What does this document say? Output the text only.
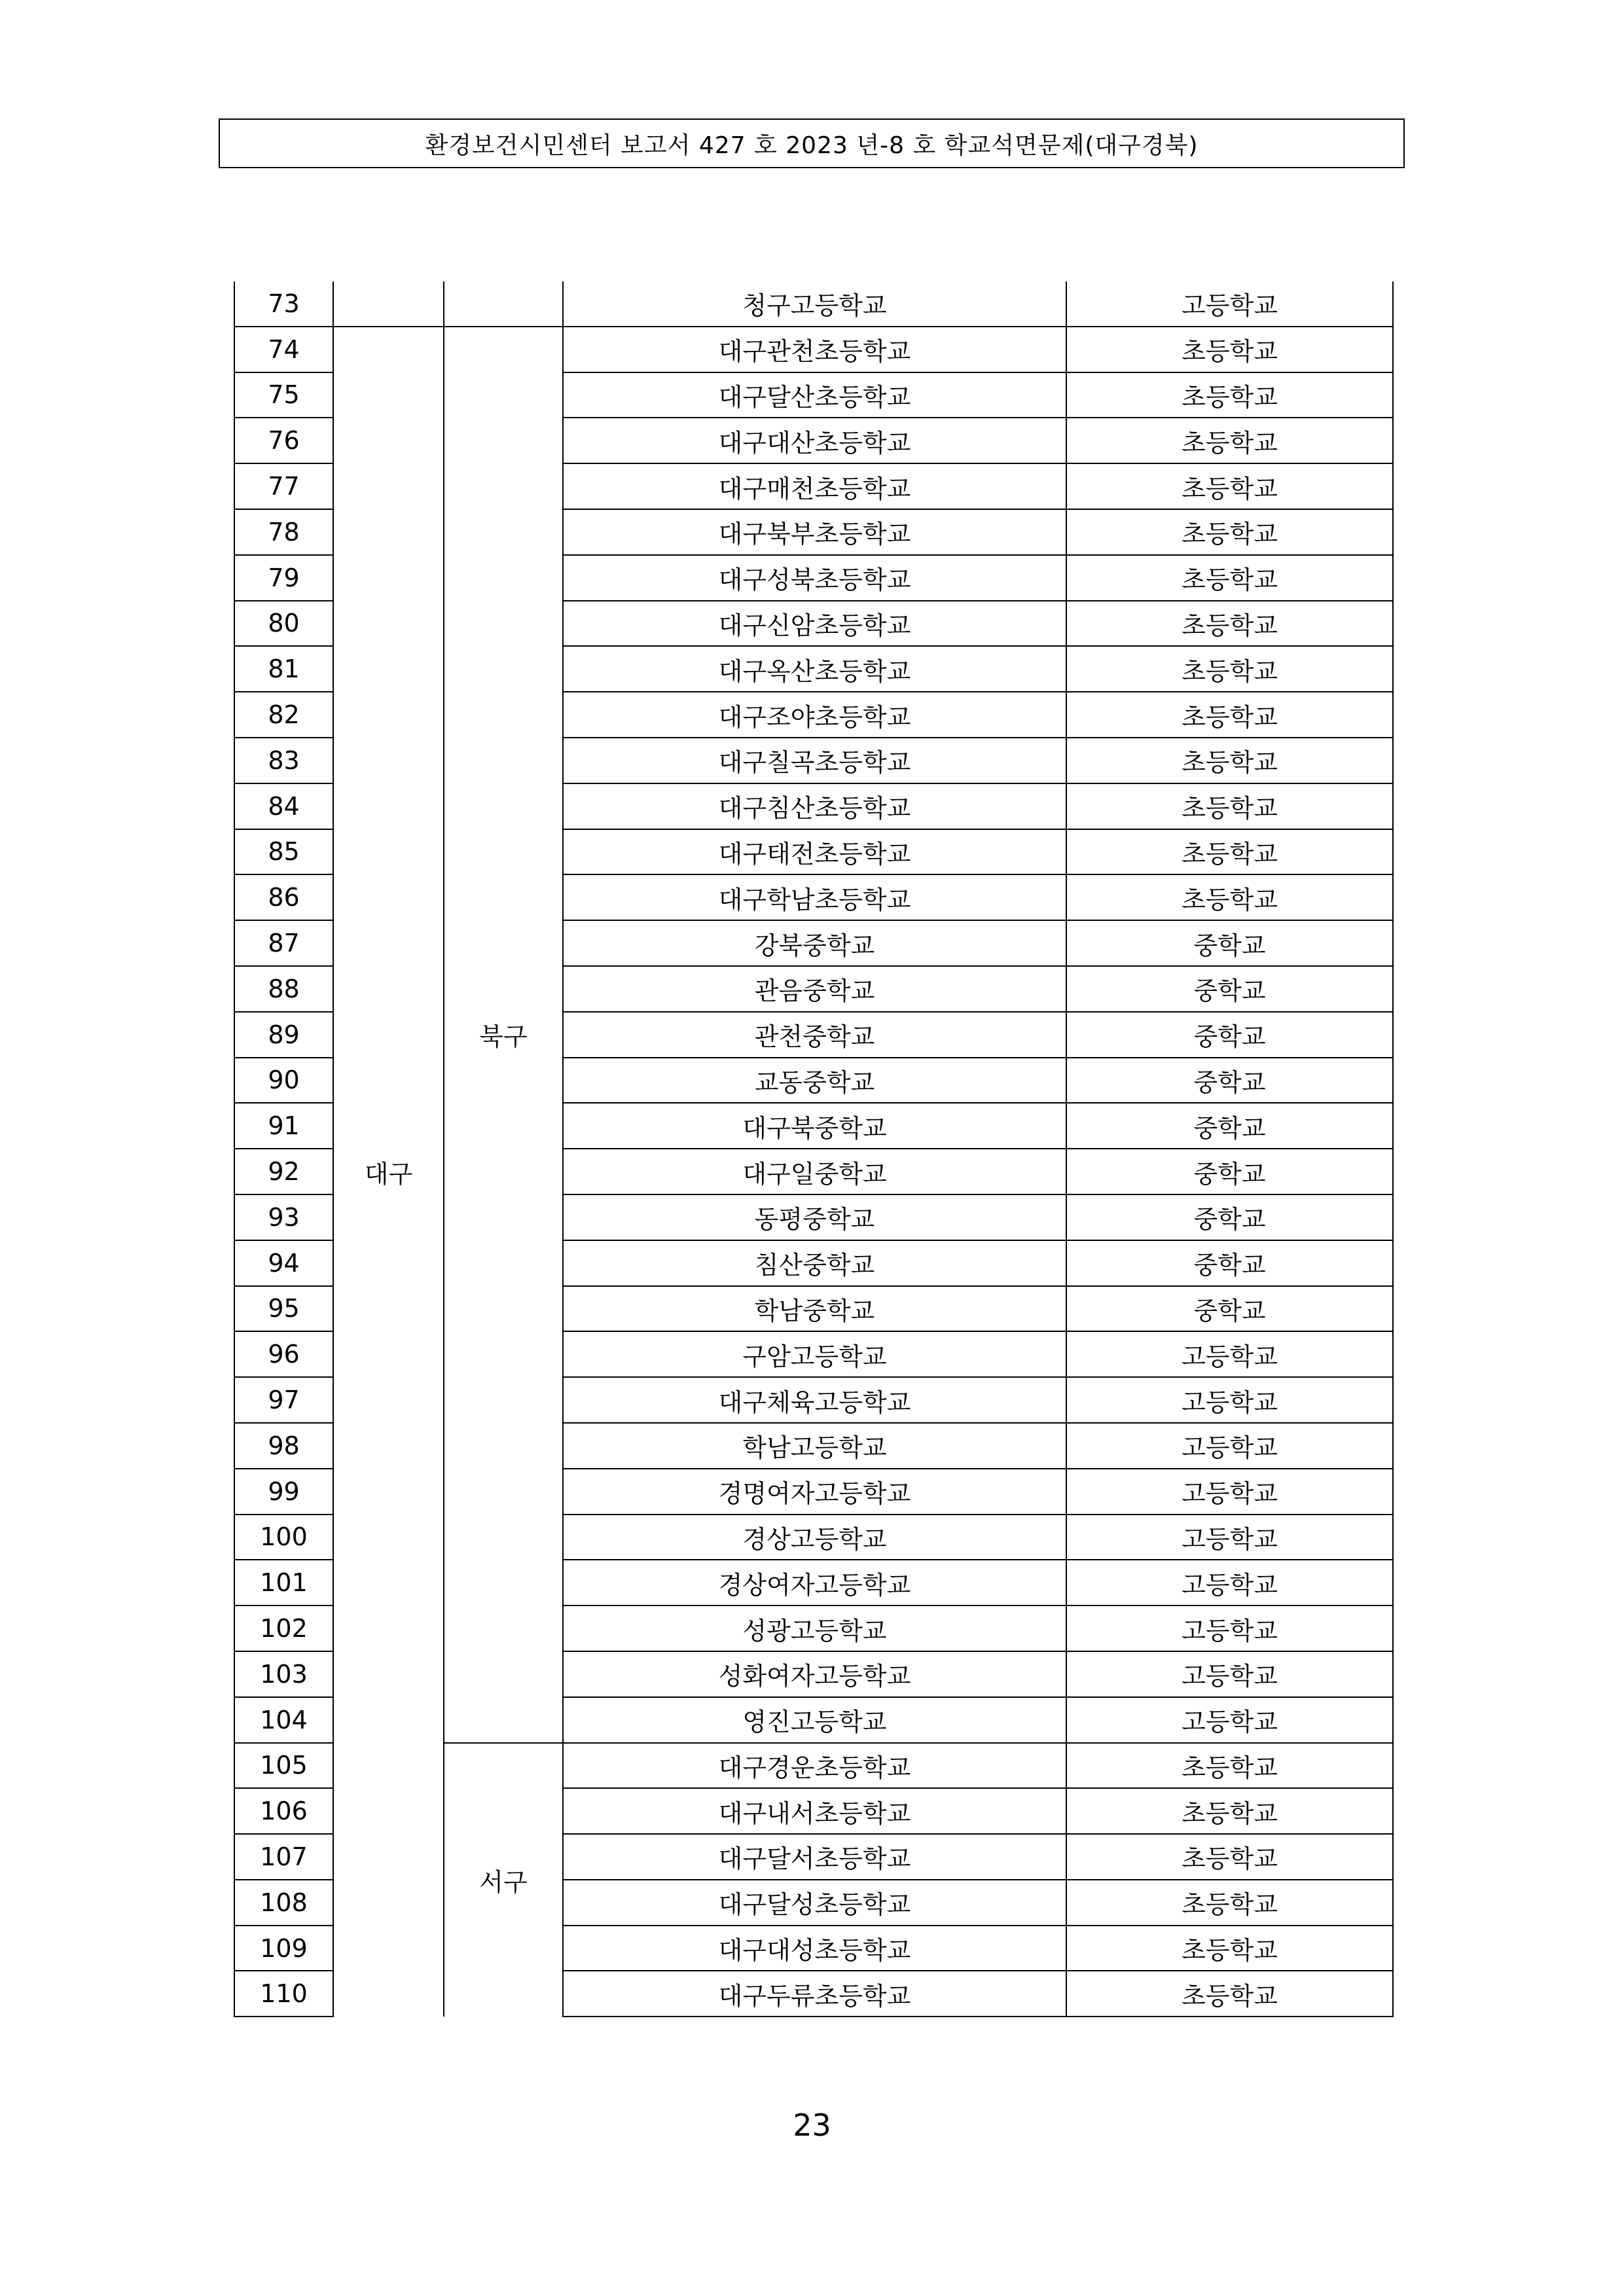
환경보건시민센터 보고서 427 호 2023 년-8 호 학교석면문제(대구경북)
73			청구고등학교	고등학교
74	대구	북구	대구관천초등학교	초등학교
75			대구달산초등학교	초등학교
76			대구대산초등학교	초등학교
77			대구매천초등학교	초등학교
78			대구북부초등학교	초등학교
79			대구성북초등학교	초등학교
80			대구신암초등학교	초등학교
81			대구옥산초등학교	초등학교
82			대구조야초등학교	초등학교
83			대구칠곡초등학교	초등학교
84			대구침산초등학교	초등학교
85			대구태전초등학교	초등학교
86			대구학남초등학교	초등학교
87			강북중학교	중학교
88			관음중학교	중학교
89			관천중학교	중학교
90			교동중학교	중학교
91			대구북중학교	중학교
92			대구일중학교	중학교
93			동평중학교	중학교
94			침산중학교	중학교
95			학남중학교	중학교
96			구암고등학교	고등학교
97			대구체육고등학교	고등학교
98			학남고등학교	고등학교
99			경명여자고등학교	고등학교
100			경상고등학교	고등학교
101			경상여자고등학교	고등학교
102			성광고등학교	고등학교
103			성화여자고등학교	고등학교
104			영진고등학교	고등학교
105		서구	대구경운초등학교	초등학교
106			대구내서초등학교	초등학교
107			대구달서초등학교	초등학교
108			대구달성초등학교	초등학교
109			대구대성초등학교	초등학교
110			대구두류초등학교	초등학교
23
